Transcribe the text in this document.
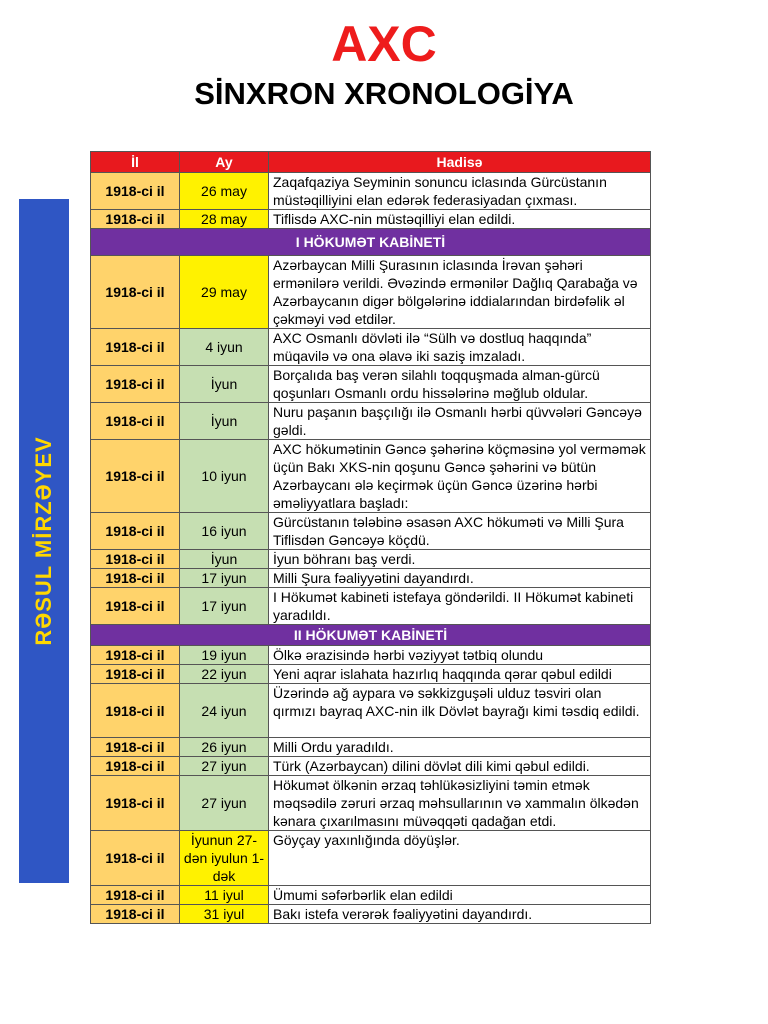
AXC
SİNXRON XRONOLOGİYA
RƏSUL MİRZƏYEV
İl	Ay	Hadisə
1918-ci il	26 may	Zaqafqaziya Seyminin sonuncu iclasında Gürcüstanın müstəqilliyini elan edərək federasiyadan çıxması.
1918-ci il	28 may	Tiflisdə AXC-nin müstəqilliyi elan edildi.
I HÖKUMƏT KABİNETİ		
1918-ci il	29 may	Azərbaycan Milli Şurasının iclasında İrəvan şəhəri ermənilərə verildi. Əvəzində ermənilər Dağlıq Qarabağa və Azərbaycanın digər bölgələrinə iddialarından birdəfəlik əl çəkməyi vəd etdilər.
1918-ci il	4 iyun	AXC Osmanlı dövləti ilə “Sülh və dostluq haqqında” müqavilə və ona əlavə iki saziş imzaladı.
1918-ci il	İyun	Borçalıda baş verən silahlı toqquşmada alman-gürcü qoşunları Osmanlı ordu hissələrinə məğlub oldular.
1918-ci il	İyun	Nuru paşanın başçılığı ilə Osmanlı hərbi qüvvələri Gəncəyə gəldi.
1918-ci il	10 iyun	AXC hökumətinin Gəncə şəhərinə köçməsinə yol verməmək üçün Bakı XKS-nin qoşunu Gəncə şəhərini və bütün Azərbaycanı ələ keçirmək üçün Gəncə üzərinə hərbi əməliyyatlara başladı:
1918-ci il	16 iyun	Gürcüstanın tələbinə əsasən AXC hökuməti və Milli Şura Tiflisdən Gəncəyə köçdü.
1918-ci il	İyun	İyun böhranı baş verdi.
1918-ci il	17 iyun	Milli Şura fəaliyyətini dayandırdı.
1918-ci il	17 iyun	I Hökumət kabineti istefaya göndərildi. II Hökumət kabineti yaradıldı.
II HÖKUMƏT KABİNETİ		
1918-ci il	19 iyun	Ölkə ərazisində hərbi vəziyyət tətbiq olundu
1918-ci il	22 iyun	Yeni aqrar islahata hazırlıq haqqında qərar qəbul edildi
1918-ci il	24 iyun	Üzərində ağ aypara və səkkizguşəli ulduz təsviri olan qırmızı bayraq AXC-nin ilk Dövlət bayrağı kimi təsdiq edildi.
1918-ci il	26 iyun	Milli Ordu yaradıldı.
1918-ci il	27 iyun	Türk (Azərbaycan) dilini dövlət dili kimi qəbul edildi.
1918-ci il	27 iyun	Hökumət ölkənin ərzaq təhlükəsizliyini təmin etmək məqsədilə zəruri ərzaq məhsullarının və xammalın ölkədən kənara çıxarılmasını müvəqqəti qadağan etdi.
1918-ci il	İyunun 27-dən iyulun 1-dək	Göyçay yaxınlığında döyüşlər.
1918-ci il	11 iyul	Ümumi səfərbərlik elan edildi
1918-ci il	31 iyul	Bakı istefa verərək fəaliyyətini dayandırdı.
